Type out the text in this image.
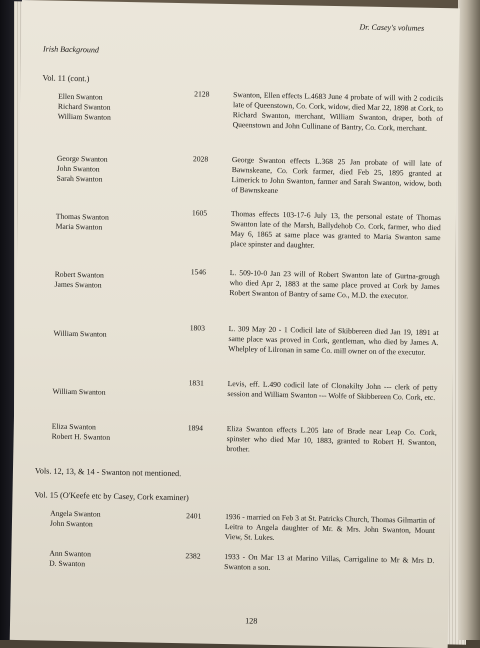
Dr. Casey's volumes
Irish Background
Vol. 11 (cont.)
Ellen Swanton
Richard Swanton
William Swanton
2128	Swanton, Ellen effects L.4683 June 4 probate of will with 2 codicils late of Queenstown, Co. Cork, widow, died Mar 22, 1898 at Cork, to Richard Swanton, merchant, William Swanton, draper, both of Queenstown and John Cullinane of Bantry, Co. Cork, merchant.
George Swanton
John Swanton
Sarah Swanton
2028	George Swanton effects L.368 25 Jan probate of will late of Bawnskeane, Co. Cork farmer, died Feb 25, 1895 granted at Limerick to John Swanton, farmer and Sarah Swanton, widow, both of Bawnskeane
Thomas Swanton
Maria Swanton
1605	Thomas effects 103-17-6 July 13, the personal estate of Thomas Swanton late of the Marsh, Ballydehob Co. Cork, farmer, who died May 6, 1865 at same place was granted to Maria Swanton same place spinster and daughter.
Robert Swanton
James Swanton
1546	L. 509-10-0 Jan 23 will of Robert Swanton late of Gurtna-grough who died Apr 2, 1883 at the same place proved at Cork by James Robert Swanton of Bantry of same Co., M.D. the executor.
William Swanton
1803	L. 309 May 20 - 1 Codicil late of Skibbereen died Jan 19, 1891 at same place was proved in Cork, gentleman, who died by James A. Whelpley of Lilronan in same Co. mill owner on of the executor.
William Swanton
1831	Levis, eff. L.490 codicil late of Clonakilty John --- clerk of petty session and William Swanton --- Wolfe of Skibbereen Co. Cork, etc.
Eliza Swanton
Robert H. Swanton
1894	Eliza Swanton effects L.205 late of Brade near Leap Co. Cork, spinster who died Mar 10, 1883, granted to Robert H. Swanton, brother.
Vols. 12, 13, & 14 - Swanton not mentioned.
Vol. 15 (O'Keefe etc by Casey, Cork examiner)
Angela Swanton
John Swanton
2401	1936 - married on Feb 3 at St. Patricks Church, Thomas Gilmartin of Leitra to Angela daughter of Mr. & Mrs. John Swanton, Mount View, St. Lukes.
Ann Swanton
D. Swanton
2382	1933 - On Mar 13 at Marino Villas, Carrigaline to Mr & Mrs D. Swanton a son.
128
